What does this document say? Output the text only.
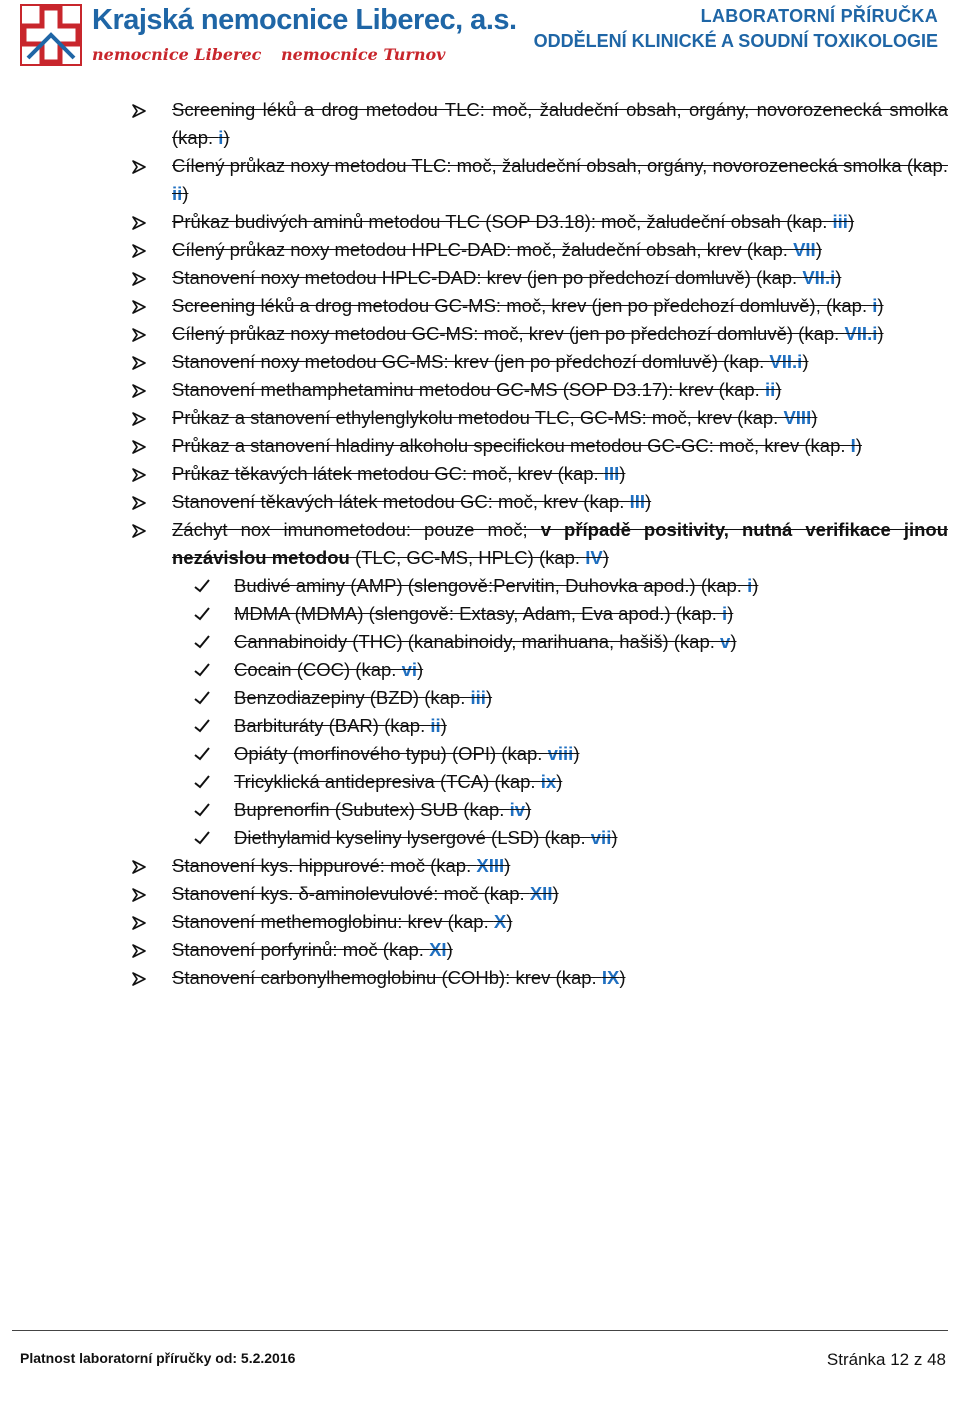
Krajská nemocnice Liberec, a.s.
nemocnice Liberec nemocnice Turnov
LABORATORNÍ PŘÍRUČKA
ODDĚLENÍ KLINICKÉ A SOUDNÍ TOXIKOLOGIE
Screening léků a drog metodou TLC: moč, žaludeční obsah, orgány, novorozenecká smolka (kap. i)
Cílený průkaz noxy metodou TLC: moč, žaludeční obsah, orgány, novorozenecká smolka (kap. ii)
Průkaz budivých aminů metodou TLC (SOP D3.18): moč, žaludeční obsah (kap. iii)
Cílený průkaz noxy metodou HPLC-DAD: moč, žaludeční obsah, krev (kap. VII)
Stanovení noxy metodou HPLC-DAD: krev (jen po předchozí domluvě) (kap. VII.i)
Screening léků a drog metodou GC-MS: moč, krev (jen po předchozí domluvě), (kap. i)
Cílený průkaz noxy metodou GC-MS: moč, krev (jen po předchozí domluvě) (kap. VII.i)
Stanovení noxy metodou GC-MS: krev (jen po předchozí domluvě) (kap. VII.i)
Stanovení methamphetaminu metodou GC-MS (SOP D3.17): krev (kap. ii)
Průkaz a stanovení ethylenglykolu metodou TLC, GC-MS: moč, krev (kap. VIII)
Průkaz a stanovení hladiny alkoholu specifickou metodou GC-GC: moč, krev (kap. I)
Průkaz těkavých látek metodou GC: moč, krev (kap. III)
Stanovení těkavých látek metodou GC: moč, krev (kap. III)
Záchyt nox imunometodou: pouze moč; v případě positivity, nutná verifikace jinou nezávislou metodou (TLC, GC-MS, HPLC) (kap. IV)
Budivé aminy (AMP) (slengově:Pervitin, Duhovka apod.) (kap. i)
MDMA (MDMA) (slengově: Extasy, Adam, Eva apod.) (kap. i)
Cannabinoidy (THC) (kanabinoidy, marihuana, hašiš) (kap. v)
Cocain (COC) (kap. vi)
Benzodiazepiny (BZD) (kap. iii)
Barbituráty (BAR) (kap. ii)
Opiáty (morfinového typu) (OPI) (kap. viii)
Tricyklická antidepresiva (TCA) (kap. ix)
Buprenorfin (Subutex) SUB (kap. iv)
Diethylamid kyseliny lysergové (LSD) (kap. vii)
Stanovení kys. hippurové: moč (kap. XIII)
Stanovení kys. δ-aminolevulové: moč (kap. XII)
Stanovení methemoglobinu: krev (kap. X)
Stanovení porfyrinů: moč (kap. XI)
Stanovení carbonylhemoglobinu (COHb): krev (kap. IX)
Platnost laboratorní příručky od: 5.2.2016	Stránka 12 z 48
